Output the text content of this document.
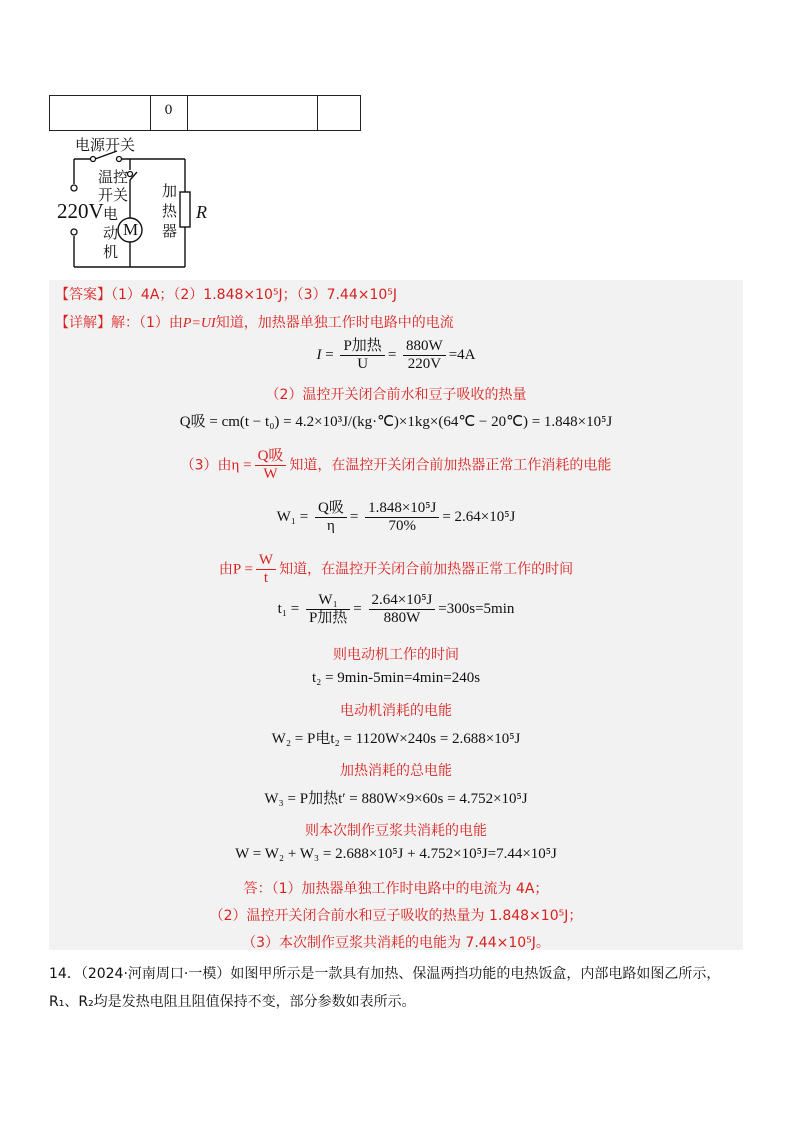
0
电源开关
温控
开关
220V 电
动
机
M
加
热
器
R
【答案】（1）4A；（2）1.848×10⁵J；（3）7.44×10⁵J
【详解】解：（1）由P=UI知道，加热器单独工作时电路中的电流
$I = \frac{\text{P加热}}{U} = \frac{880W}{220V} =4A$
（2）温控开关闭合前水和豆子吸收的热量
Q吸 = cm(t − t₀) = 4.2×10³J/(kg·℃)×1kg×(64℃ − 20℃) = 1.848×10⁵J
（3）由$\eta = \frac{\text{Q吸}}{W}$ 知道，在温控开关闭合前加热器正常工作消耗的电能
$W_1 = \frac{\text{Q吸}}{\eta} = \frac{\text{1.848×10⁵J}}{70\%} = 2.64\times 10^5J$
由$P = \frac{W}{t}$ 知道，在温控开关闭合前加热器正常工作的时间
$t_1 = \frac{\text{W₁}}{\text{P加热}} = \frac{\text{2.64×10⁵J}}{880W} =300s=5\min$
则电动机工作的时间
t₂ = 9min-5min=4min=240s
电动机消耗的电能
W₂ = P电t₂ = 1120W×240s = 2.688×10⁵J
加热消耗的总电能
W₃ = P加热t′ = 880W×9×60s = 4.752×10⁵J
则本次制作豆浆共消耗的电能
W = W₂ + W₃ = 2.688×10⁵J + 4.752×10⁵J=7.44×10⁵J
答：（1）加热器单独工作时电路中的电流为 4A；
（2）温控开关闭合前水和豆子吸收的热量为 1.848×10⁵J；
（3）本次制作豆浆共消耗的电能为 7.44×10⁵J。
14．（2024·河南周口·一模）如图甲所示是一款具有加热、保温两挡功能的电热饭盒，内部电路如图乙所示，
R₁、R₂均是发热电阻且阻值保持不变，部分参数如表所示。
